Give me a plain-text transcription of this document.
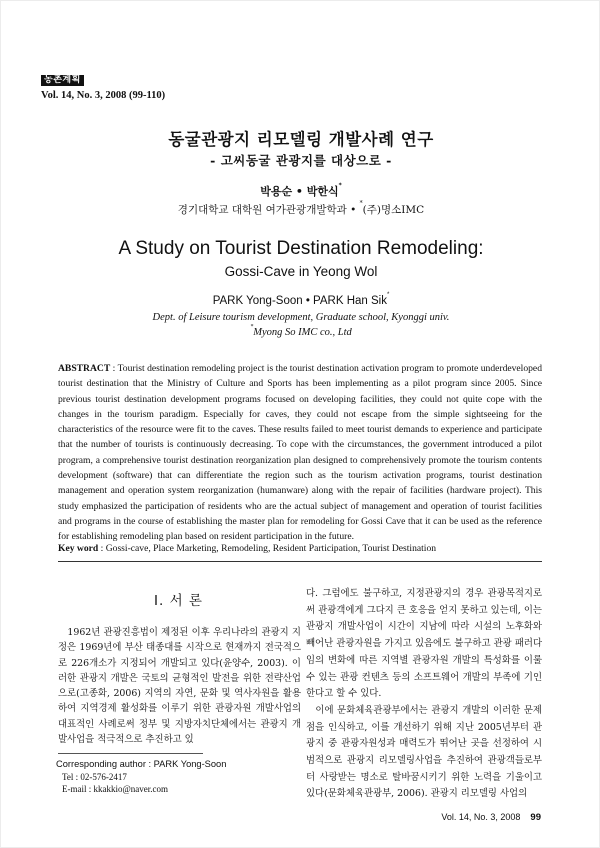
농촌계획
Vol. 14, No. 3, 2008 (99-110)
동굴관광지 리모델링 개발사례 연구
- 고씨동굴 관광지를 대상으로 -
박용순 • 박한식*
경기대학교 대학원 여가관광개발학과 • *(주)명소IMC
A Study on Tourist Destination Remodeling:
Gossi-Cave in Yeong Wol
PARK Yong-Soon • PARK Han Sik*
Dept. of Leisure tourism development, Graduate school, Kyonggi univ.
*Myong So IMC co., Ltd
ABSTRACT : Tourist destination remodeling project is the tourist destination activation program to promote underdeveloped tourist destination that the Ministry of Culture and Sports has been implementing as a pilot program since 2005. Since previous tourist destination development programs focused on developing facilities, they could not quite cope with the changes in the tourism paradigm. Especially for caves, they could not escape from the simple sightseeing for the characteristics of the resource were fit to the caves. These results failed to meet tourist demands to experience and participate that the number of tourists is continuously decreasing. To cope with the circumstances, the government introduced a pilot program, a comprehensive tourist destination reorganization plan designed to comprehensively promote the tourism contents development (software) that can differentiate the region such as the tourism activation programs, tourist destination management and operation system reorganization (humanware) along with the repair of facilities (hardware project). This study emphasized the participation of residents who are the actual subject of management and operation of tourist facilities and programs in the course of establishing the master plan for remodeling for Gossi Cave that it can be used as the reference for establishing remodeling plan based on resident participation in the future.
Key word : Gossi-cave, Place Marketing, Remodeling, Resident Participation, Tourist Destination
I. 서 론

1962년 관광진흥법이 제정된 이후 우리나라의 관광지 지정은 1969년에 부산 태종대를 시작으로 현재까지 전국적으로 226개소가 지정되어 개발되고 있다(윤양수, 2003). 이러한 관광지 개발은 국토의 균형적인 발전을 위한 전략산업으로(고종화, 2006) 지역의 자연, 문화 및 역사자원을 활용하여 지역경제 활성화를 이루기 위한 관광자원 개발사업의 대표적인 사례로써 정부 및 지방자치단체에서는 관광지 개발사업을 적극적으로 추진하고 있

다. 그럼에도 불구하고, 지정관광지의 경우 관광목적지로써 관광객에게 그다지 큰 호응을 얻지 못하고 있는데, 이는 관광지 개발사업이 시간이 지남에 따라 시설의 노후화와 빼어난 관광자원을 가지고 있음에도 불구하고 관광 패러다임의 변화에 따른 지역별 관광자원 개발의 특성화를 이룰 수 있는 관광 컨텐츠 등의 소프트웨어 개발의 부족에 기인한다고 할 수 있다.

이에 문화체육관광부에서는 관광지 개발의 이러한 문제점을 인식하고, 이를 개선하기 위해 지난 2005년부터 관광지 중 관광자원성과 매력도가 뛰어난 곳을 선정하여 시범적으로 관광지 리모델링사업을 추진하여 관광객들로부터 사랑받는 명소로 탈바꿈시키기 위한 노력을 기울이고 있다(문화체육관광부, 2006). 관광지 리모델링 사업의

Corresponding author : PARK Yong-Soon
Tel : 02-576-2417
E-mail : kkakkio@naver.com
Vol. 14, No. 3, 2008 99
